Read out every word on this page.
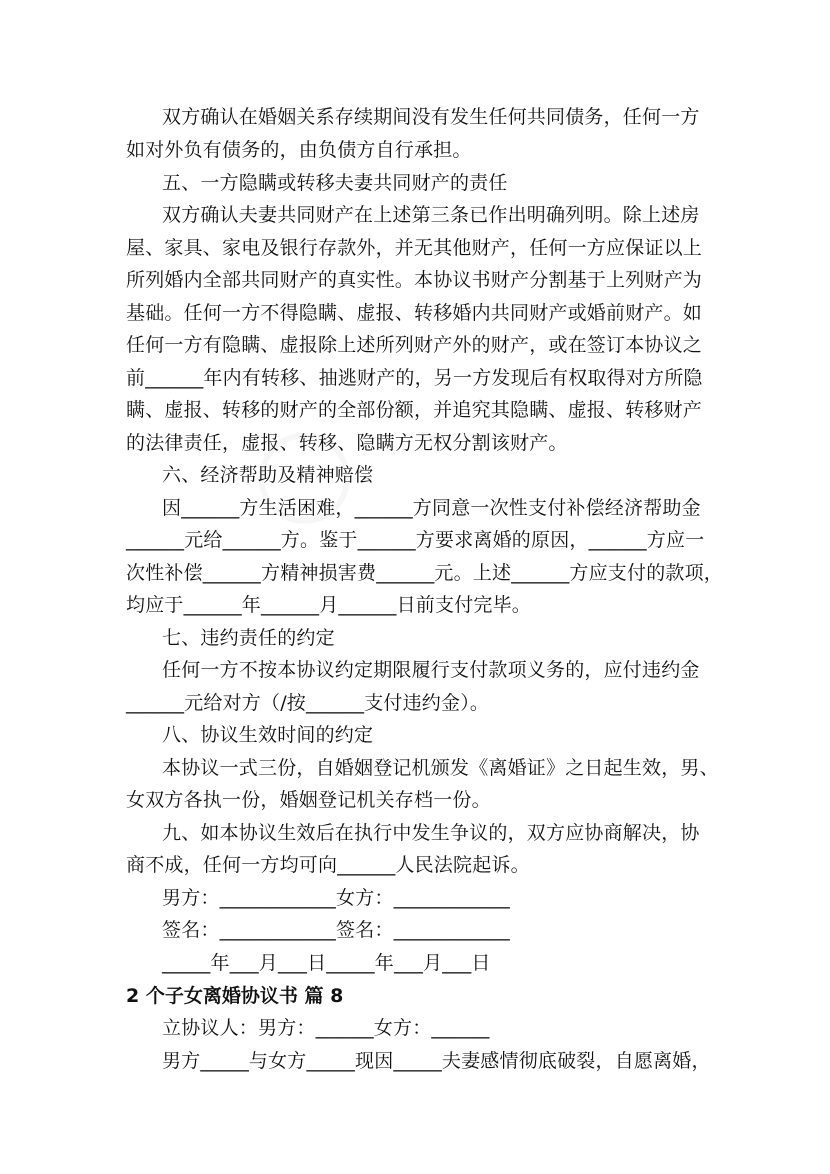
双方确认在婚姻关系存续期间没有发生任何共同债务，任何一方
如对外负有债务的，由负债方自行承担。
五、一方隐瞒或转移夫妻共同财产的责任
双方确认夫妻共同财产在上述第三条已作出明确列明。除上述房
屋、家具、家电及银行存款外，并无其他财产，任何一方应保证以上
所列婚内全部共同财产的真实性。本协议书财产分割基于上列财产为
基础。任何一方不得隐瞒、虚报、转移婚内共同财产或婚前财产。如
任何一方有隐瞒、虚报除上述所列财产外的财产，或在签订本协议之
前______年内有转移、抽逃财产的，另一方发现后有权取得对方所隐
瞒、虚报、转移的财产的全部份额，并追究其隐瞒、虚报、转移财产
的法律责任，虚报、转移、隐瞒方无权分割该财产。
六、经济帮助及精神赔偿
因______方生活困难，______方同意一次性支付补偿经济帮助金
______元给______方。鉴于______方要求离婚的原因，______方应一
次性补偿______方精神损害费______元。上述______方应支付的款项，
均应于______年______月______日前支付完毕。
七、违约责任的约定
任何一方不按本协议约定期限履行支付款项义务的，应付违约金
______元给对方（/按______支付违约金）。
八、协议生效时间的约定
本协议一式三份，自婚姻登记机颁发《离婚证》之日起生效，男、
女双方各执一份，婚姻登记机关存档一份。
九、如本协议生效后在执行中发生争议的，双方应协商解决，协
商不成，任何一方均可向______人民法院起诉。
男方：____________女方：____________
签名：____________签名：____________
_____年___月___日_____年___月___日
2 个子女离婚协议书 篇 8
立协议人：男方：______女方：______
男方_____与女方_____现因_____夫妻感情彻底破裂，自愿离婚，
